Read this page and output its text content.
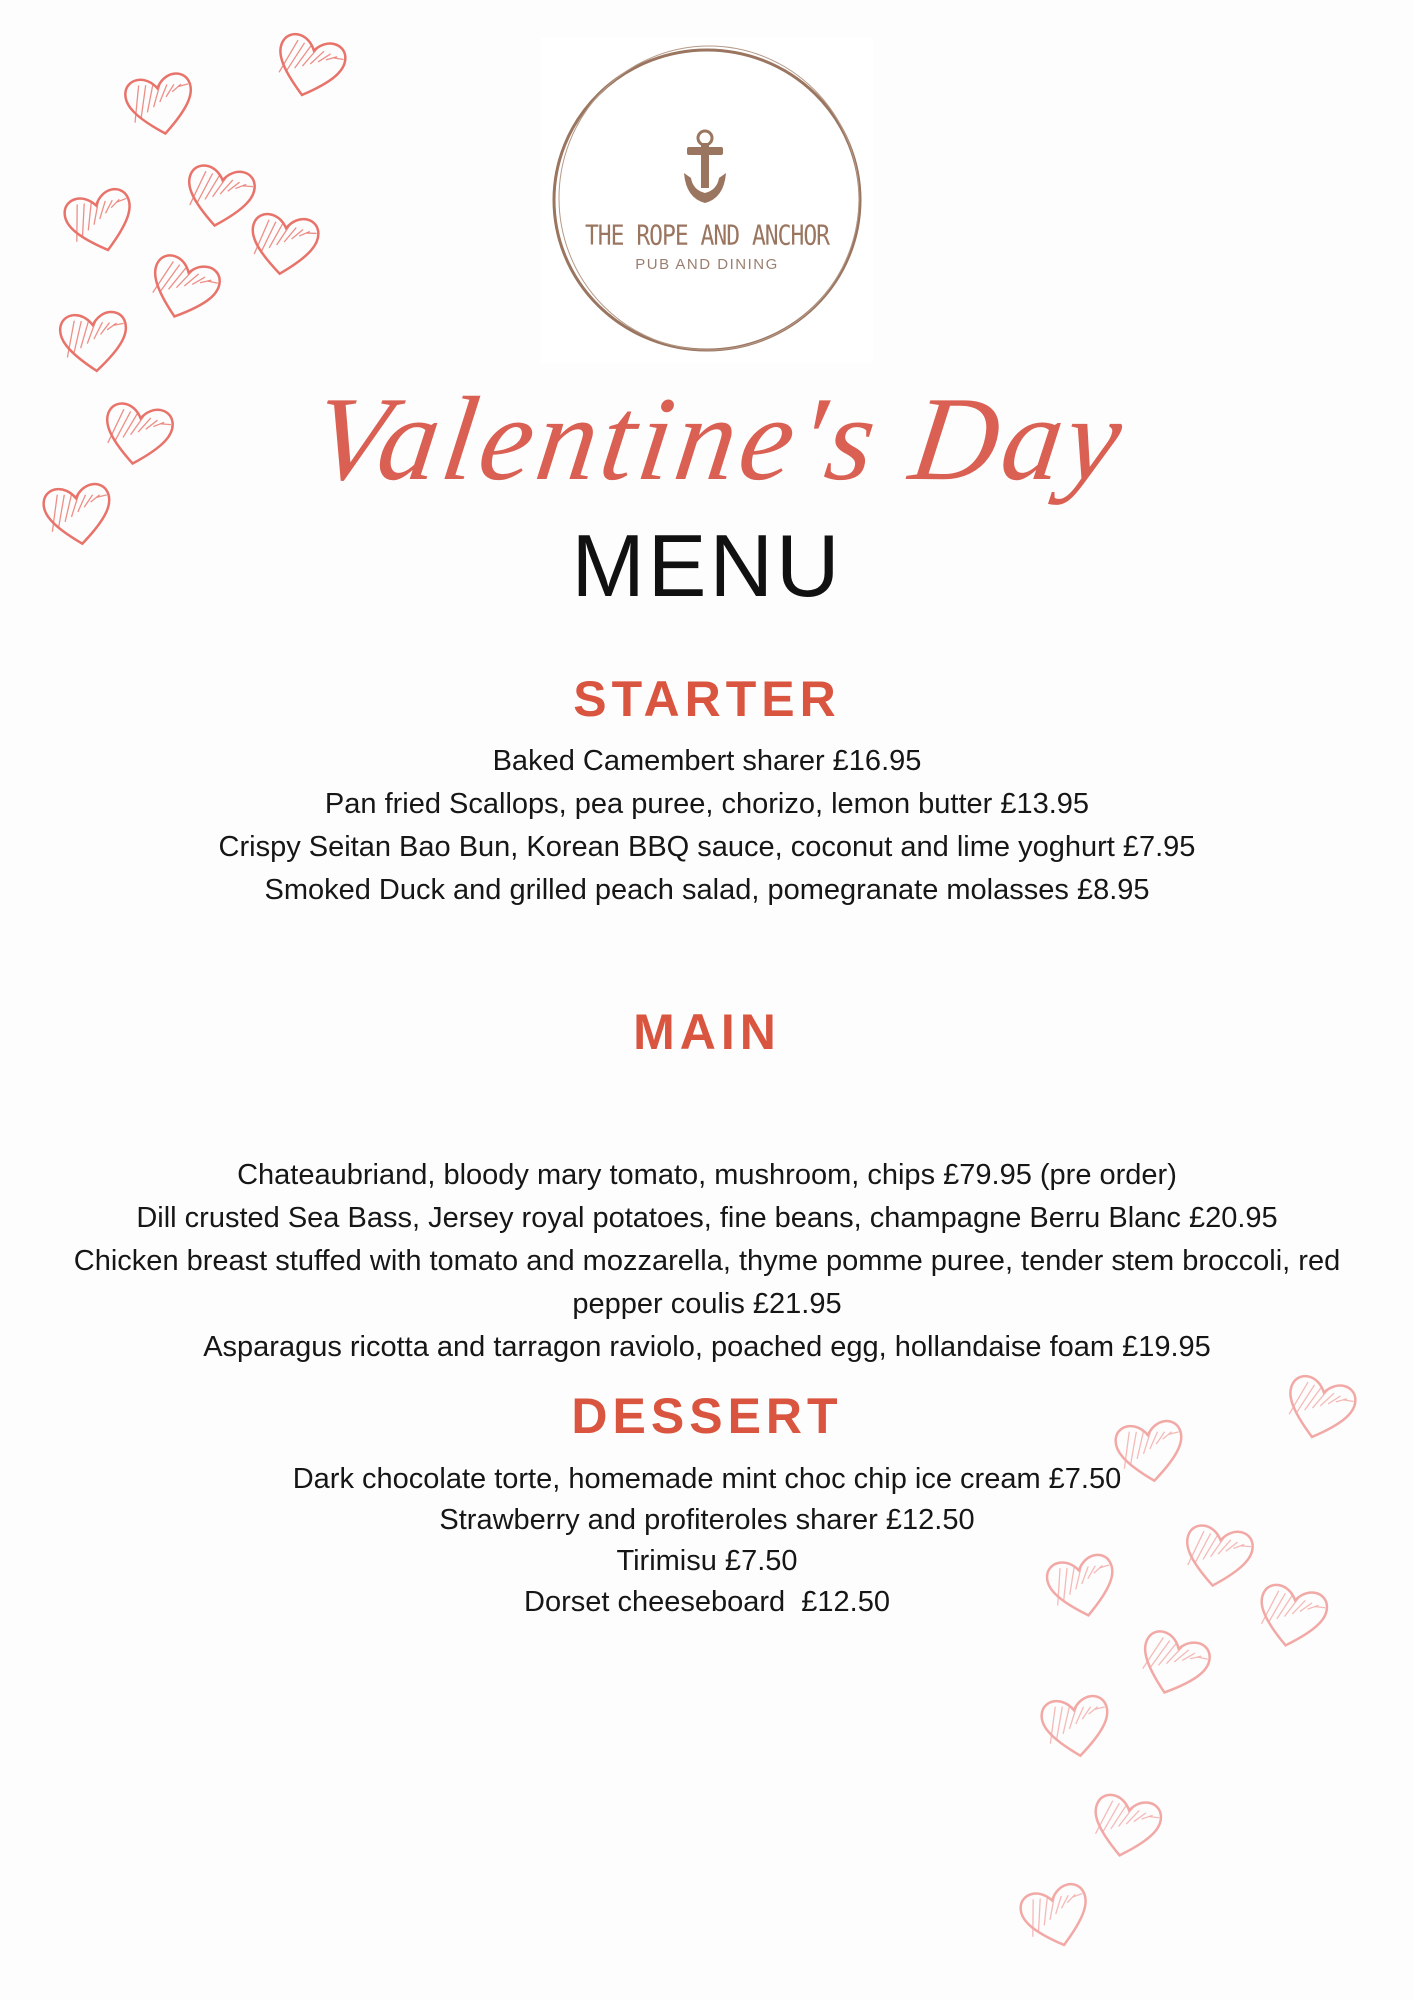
THE ROPE AND ANCHOR
PUB AND DINING
Valentine's Day
MENU
STARTER
Baked Camembert sharer £16.95
Pan fried Scallops, pea puree, chorizo, lemon butter £13.95
Crispy Seitan Bao Bun, Korean BBQ sauce, coconut and lime yoghurt £7.95
Smoked Duck and grilled peach salad, pomegranate molasses £8.95
MAIN
Chateaubriand, bloody mary tomato, mushroom, chips £79.95 (pre order)
Dill crusted Sea Bass, Jersey royal potatoes, fine beans, champagne Berru Blanc £20.95
Chicken breast stuffed with tomato and mozzarella, thyme pomme puree, tender stem broccoli, red pepper coulis £21.95
Asparagus ricotta and tarragon raviolo, poached egg, hollandaise foam £19.95
DESSERT
Dark chocolate torte, homemade mint choc chip ice cream £7.50
Strawberry and profiteroles sharer £12.50
Tirimisu £7.50
Dorset cheeseboard  £12.50
